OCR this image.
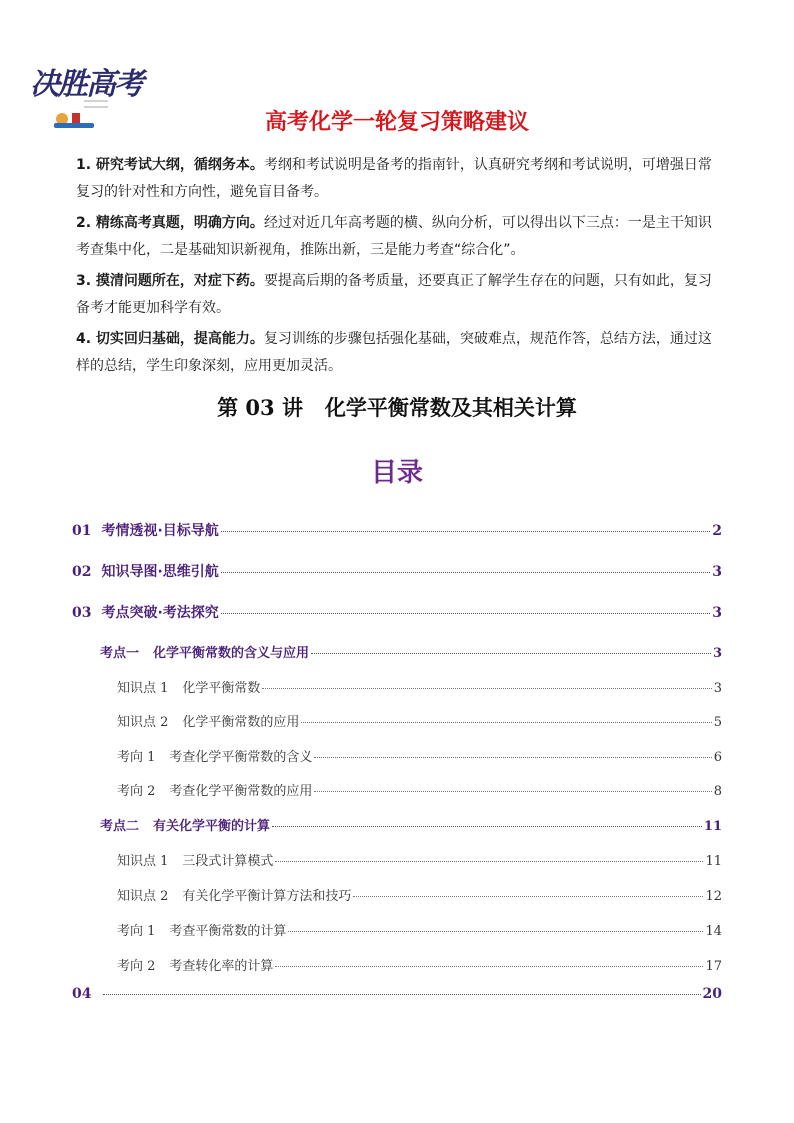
决胜高考
高考化学一轮复习策略建议

1. 研究考试大纲，循纲务本。考纲和考试说明是备考的指南针，认真研究考纲和考试说明，可增强日常复习的针对性和方向性，避免盲目备考。

2. 精练高考真题，明确方向。经过对近几年高考题的横、纵向分析，可以得出以下三点：一是主干知识考查集中化，二是基础知识新视角，推陈出新，三是能力考查“综合化”。

3. 摸清问题所在，对症下药。要提高后期的备考质量，还要真正了解学生存在的问题，只有如此，复习备考才能更加科学有效。

4. 切实回归基础，提高能力。复习训练的步骤包括强化基础，突破难点，规范作答，总结方法，通过这样的总结，学生印象深刻，应用更加灵活。

第 03 讲 化学平衡常数及其相关计算
目录
01 考情透视·目标导航	2
02 知识导图·思维引航	3
03 考点突破·考法探究	3
考点一 化学平衡常数的含义与应用	3
知识点 1 化学平衡常数	3
知识点 2 化学平衡常数的应用	5
考向 1 考查化学平衡常数的含义	6
考向 2 考查化学平衡常数的应用	8
考点二 有关化学平衡的计算	11
知识点 1 三段式计算模式	11
知识点 2 有关化学平衡计算方法和技巧	12
考向 1 考查平衡常数的计算	14
考向 2 考查转化率的计算	17
04	20
